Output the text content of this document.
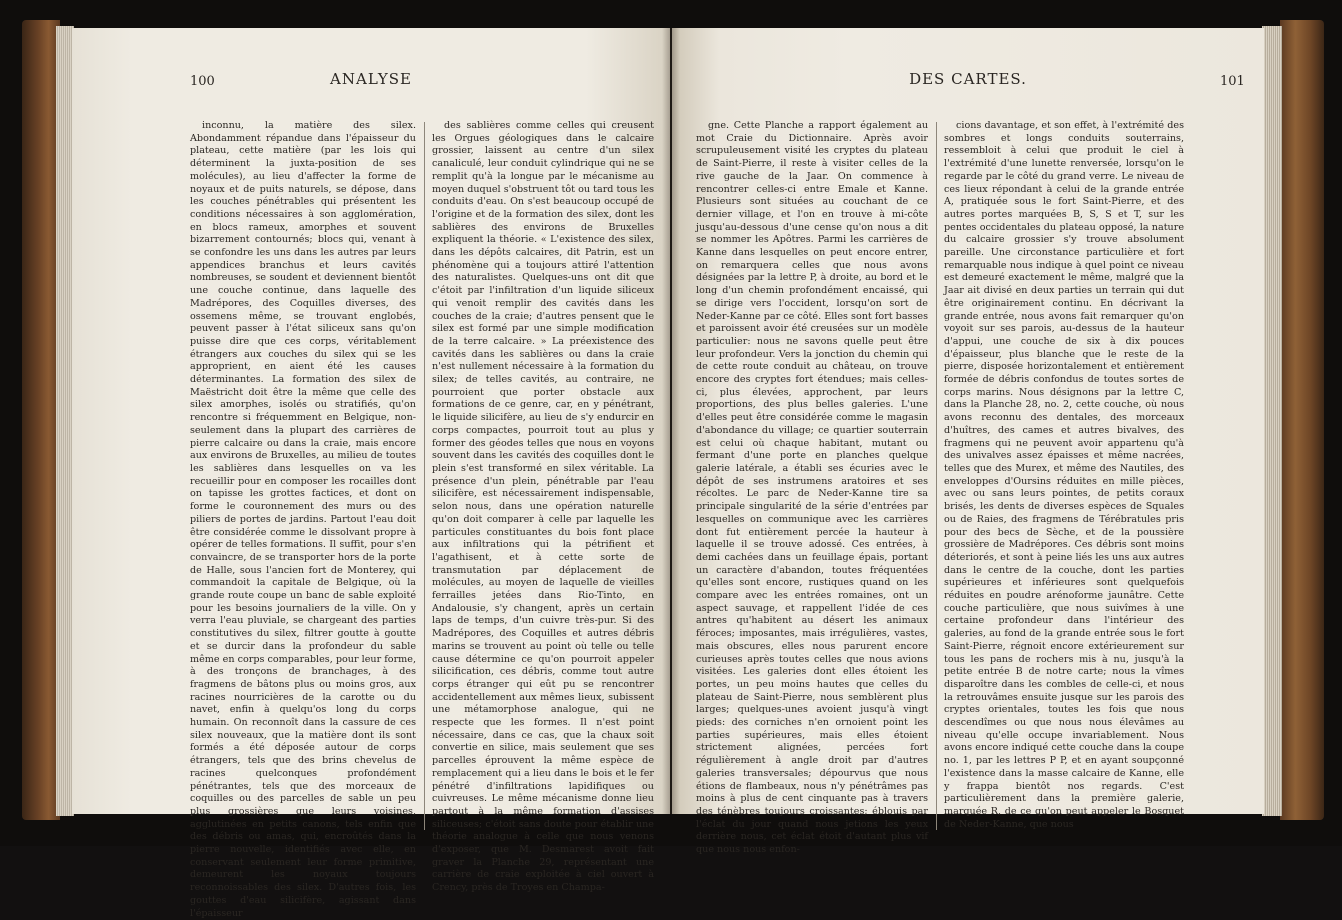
100	ANALYSE

inconnu, la matière des silex. Abondamment répandue dans l'épaisseur du plateau, cette matière (par les lois qui déterminent la juxta-position de ses molécules), au lieu d'affecter la forme de noyaux et de puits naturels, se dépose, dans les couches pénétrables qui présentent les conditions nécessaires à son agglomération, en blocs rameux, amorphes et souvent bizarrement contournés; blocs qui, venant à se confondre les uns dans les autres par leurs appendices branchus et leurs cavités nombreuses, se soudent et deviennent bientôt une couche continue, dans laquelle des Madrépores, des Coquilles diverses, des ossemens même, se trouvant englobés, peuvent passer à l'état siliceux sans qu'on puisse dire que ces corps, véritablement étrangers aux couches du silex qui se les approprient, en aient été les causes déterminantes. La formation des silex de Maëstricht doit être la même que celle des silex amorphes, isolés ou stratifiés, qu'on rencontre si fréquemment en Belgique, non-seulement dans la plupart des carrières de pierre calcaire ou dans la craie, mais encore aux environs de Bruxelles, au milieu de toutes les sablières dans lesquelles on va les recueillir pour en composer les rocailles dont on tapisse les grottes factices, et dont on forme le couronnement des murs ou des piliers de portes de jardins. Partout l'eau doit être considérée comme le dissolvant propre à opérer de telles formations. Il suffit, pour s'en convaincre, de se transporter hors de la porte de Halle, sous l'ancien fort de Monterey, qui commandoit la capitale de Belgique, où la grande route coupe un banc de sable exploité pour les besoins journaliers de la ville. On y verra l'eau pluviale, se chargeant des parties constitutives du silex, filtrer goutte à goutte et se durcir dans la profondeur du sable même en corps comparables, pour leur forme, à des tronçons de branchages, à des fragmens de bâtons plus ou moins gros, aux racines nourricières de la carotte ou du navet, enfin à quelqu'os long du corps humain. On reconnoît dans la cassure de ces silex nouveaux, que la matière dont ils sont formés a été déposée autour de corps étrangers, tels que des brins chevelus de racines quelconques profondément pénétrantes, tels que des morceaux de coquilles ou des parcelles de sable un peu plus grossières que leurs voisines, agglutinées en petits canons, tels enfin que des débris ou amas, qui, encroûtés dans la pierre nouvelle, identifiés avec elle, en conservant seulement leur forme primitive, demeurent les noyaux toujours reconnoissables des silex. D'autres fois, les gouttes d'eau silicifère, agissant dans l'épaisseur

des sablières comme celles qui creusent les Orgues géologiques dans le calcaire grossier, laissent au centre d'un silex canaliculé, leur conduit cylindrique qui ne se remplit qu'à la longue par le mécanisme au moyen duquel s'obstruent tôt ou tard tous les conduits d'eau. On s'est beaucoup occupé de l'origine et de la formation des silex, dont les sablières des environs de Bruxelles expliquent la théorie. « L'existence des silex, dans les dépôts calcaires, dit Patrin, est un phénomène qui a toujours attiré l'attention des naturalistes. Quelques-uns ont dit que c'étoit par l'infiltration d'un liquide siliceux qui venoit remplir des cavités dans les couches de la craie; d'autres pensent que le silex est formé par une simple modification de la terre calcaire. » La préexistence des cavités dans les sablières ou dans la craie n'est nullement nécessaire à la formation du silex; de telles cavités, au contraire, ne pourroient que porter obstacle aux formations de ce genre, car, en y pénétrant, le liquide silicifère, au lieu de s'y endurcir en corps compactes, pourroit tout au plus y former des géodes telles que nous en voyons souvent dans les cavités des coquilles dont le plein s'est transformé en silex véritable. La présence d'un plein, pénétrable par l'eau silicifère, est nécessairement indispensable, selon nous, dans une opération naturelle qu'on doit comparer à celle par laquelle les particules constituantes du bois font place aux infiltrations qui la pétrifient et l'agathisent, et à cette sorte de transmutation par déplacement de molécules, au moyen de laquelle de vieilles ferrailles jetées dans Rio-Tinto, en Andalousie, s'y changent, après un certain laps de temps, d'un cuivre très-pur. Si des Madrépores, des Coquilles et autres débris marins se trouvent au point où telle ou telle cause détermine ce qu'on pourroit appeler silicification, ces débris, comme tout autre corps étranger qui eût pu se rencontrer accidentellement aux mêmes lieux, subissent une métamorphose analogue, qui ne respecte que les formes. Il n'est point nécessaire, dans ce cas, que la chaux soit convertie en silice, mais seulement que ses parcelles éprouvent la même espèce de remplacement qui a lieu dans le bois et le fer pénétré d'infiltrations lapidifiques ou cuivreuses. Le même mécanisme donne lieu partout à la même formation d'assises siliceuses; c'étoit sans doute pour établir une théorie analogue à celle que nous venons d'exposer, que M. Desmarest avoit fait graver la Planche 29, représentant une carrière de craie exploitée à ciel ouvert à Crency, près de Troyes en Champa-

DES CARTES.	101

gne. Cette Planche a rapport également au mot Craie du Dictionnaire. Après avoir scrupuleusement visité les cryptes du plateau de Saint-Pierre, il reste à visiter celles de la rive gauche de la Jaar. On commence à rencontrer celles-ci entre Emale et Kanne. Plusieurs sont situées au couchant de ce dernier village, et l'on en trouve à mi-côte jusqu'au-dessous d'une cense qu'on nous a dit se nommer les Apôtres. Parmi les carrières de Kanne dans lesquelles on peut encore entrer, on remarquera celles que nous avons désignées par la lettre P, à droite, au bord et le long d'un chemin profondément encaissé, qui se dirige vers l'occident, lorsqu'on sort de Neder-Kanne par ce côté. Elles sont fort basses et paroissent avoir été creusées sur un modèle particulier: nous ne savons quelle peut être leur profondeur. Vers la jonction du chemin qui de cette route conduit au château, on trouve encore des cryptes fort étendues; mais celles-ci, plus élevées, approchent, par leurs proportions, des plus belles galeries. L'une d'elles peut être considérée comme le magasin d'abondance du village; ce quartier souterrain est celui où chaque habitant, mutant ou fermant d'une porte en planches quelque galerie latérale, a établi ses écuries avec le dépôt de ses instrumens aratoires et ses récoltes. Le parc de Neder-Kanne tire sa principale singularité de la série d'entrées par lesquelles on communique avec les carrières dont fut entièrement percée la hauteur à laquelle il se trouve adossé. Ces entrées, à demi cachées dans un feuillage épais, portant un caractère d'abandon, toutes fréquentées qu'elles sont encore, rustiques quand on les compare avec les entrées romaines, ont un aspect sauvage, et rappellent l'idée de ces antres qu'habitent au désert les animaux féroces; imposantes, mais irrégulières, vastes, mais obscures, elles nous parurent encore curieuses après toutes celles que nous avions visitées. Les galeries dont elles étoient les portes, un peu moins hautes que celles du plateau de Saint-Pierre, nous semblèrent plus larges; quelques-unes avoient jusqu'à vingt pieds: des corniches n'en ornoient point les parties supérieures, mais elles étoient strictement alignées, percées fort régulièrement à angle droit par d'autres galeries transversales; dépourvus que nous étions de flambeaux, nous n'y pénétrâmes pas moins à plus de cent cinquante pas à travers des ténèbres toujours croissantes; éblouis par l'éclat du jour quand nous jetions les yeux derrière nous, cet éclat étoit d'autant plus vif que nous nous enfon-

cions davantage, et son effet, à l'extrémité des sombres et longs conduits souterrains, ressembloit à celui que produit le ciel à l'extrémité d'une lunette renversée, lorsqu'on le regarde par le côté du grand verre. Le niveau de ces lieux répondant à celui de la grande entrée A, pratiquée sous le fort Saint-Pierre, et des autres portes marquées B, S, S et T, sur les pentes occidentales du plateau opposé, la nature du calcaire grossier s'y trouve absolument pareille. Une circonstance particulière et fort remarquable nous indique à quel point ce niveau est demeuré exactement le même, malgré que la Jaar ait divisé en deux parties un terrain qui dut être originairement continu. En décrivant la grande entrée, nous avons fait remarquer qu'on voyoit sur ses parois, au-dessus de la hauteur d'appui, une couche de six à dix pouces d'épaisseur, plus blanche que le reste de la pierre, disposée horizontalement et entièrement formée de débris confondus de toutes sortes de corps marins. Nous désignons par la lettre C, dans la Planche 28, no. 2, cette couche, où nous avons reconnu des dentales, des morceaux d'huîtres, des cames et autres bivalves, des fragmens qui ne peuvent avoir appartenu qu'à des univalves assez épaisses et même nacrées, telles que des Murex, et même des Nautiles, des enveloppes d'Oursins réduites en mille pièces, avec ou sans leurs pointes, de petits coraux brisés, les dents de diverses espèces de Squales ou de Raies, des fragmens de Térébratules pris pour des becs de Sèche, et de la poussière grossière de Madrépores. Ces débris sont moins déteriorés, et sont à peine liés les uns aux autres dans le centre de la couche, dont les parties supérieures et inférieures sont quelquefois réduites en poudre arénoforme jaunâtre. Cette couche particulière, que nous suivîmes à une certaine profondeur dans l'intérieur des galeries, au fond de la grande entrée sous le fort Saint-Pierre, régnoit encore extérieurement sur tous les pans de rochers mis à nu, jusqu'à la petite entrée B de notre carte; nous la vîmes disparoître dans les combles de celle-ci, et nous la retrouvâmes ensuite jusque sur les parois des cryptes orientales, toutes les fois que nous descendîmes ou que nous nous élevâmes au niveau qu'elle occupe invariablement. Nous avons encore indiqué cette couche dans la coupe no. 1, par les lettres P P, et en ayant soupçonné l'existence dans la masse calcaire de Kanne, elle y frappa bientôt nos regards. C'est particulièrement dans la première galerie, marquée R, de ce qu'on peut appeler le Bosquet de Neder-Kanne, que nous
